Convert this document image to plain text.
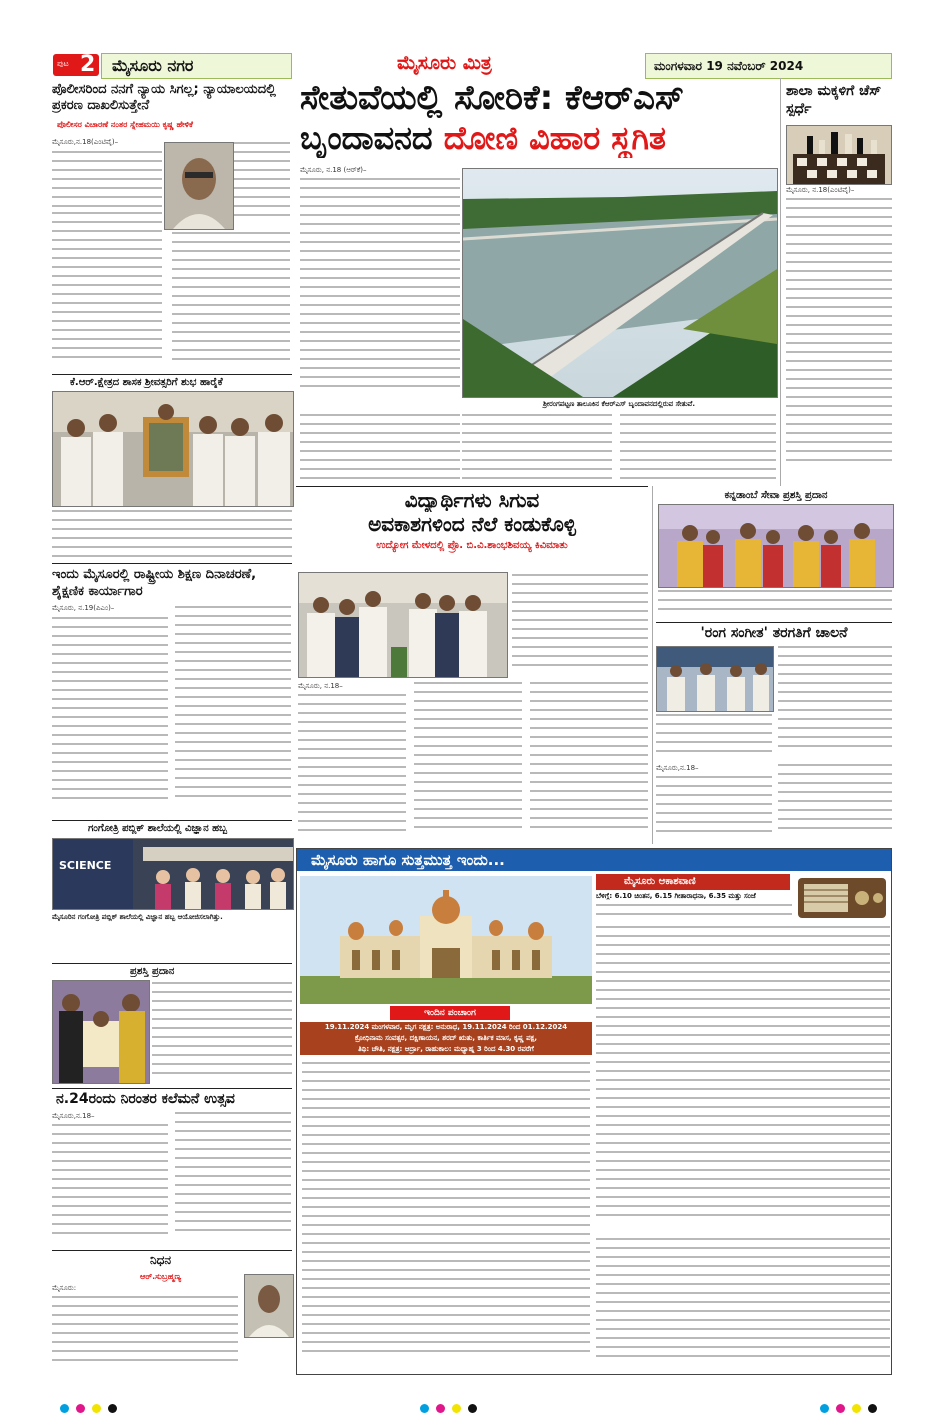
ಪುಟ 2 ಮೈಸೂರು ನಗರ	ಮೈಸೂರು ಮಿತ್ರ	ಮಂಗಳವಾರ 19 ನವೆಂಬರ್ 2024
ಪೊಲೀಸರಿಂದ ನನಗೆ ನ್ಯಾಯ ಸಿಗಲ್ಲ; ನ್ಯಾಯಾಲಯದಲ್ಲಿ ಪ್ರಕರಣ ದಾಖಲಿಸುತ್ತೇನೆ
ಪೊಲೀಸರ ವಿಚಾರಣೆ ನಂತರ ಸ್ನೇಹಮಯಿ ಕೃಷ್ಣ ಹೇಳಿಕೆ
ಮೈಸೂರು,ನ.18(ಎಂಟಿವೈ)–
ಕೆ.ಆರ್.ಕ್ಷೇತ್ರದ ಶಾಸಕ ಶ್ರೀವತ್ಸರಿಗೆ ಶುಭ ಹಾರೈಕೆ
ಇಂದು ಮೈಸೂರಲ್ಲಿ ರಾಷ್ಟ್ರೀಯ ಶಿಕ್ಷಣ ದಿನಾಚರಣೆ, ಶೈಕ್ಷಣಿಕ ಕಾರ್ಯಾಗಾರ
ಮೈಸೂರು, ನ.19(ಪಿಎಂ)–
ಗಂಗೋತ್ರಿ ಪಬ್ಲಿಕ್ ಶಾಲೆಯಲ್ಲಿ ವಿಜ್ಞಾನ ಹಬ್ಬ
SCIENCE
ಮೈಸೂರಿನ ಗಂಗೋತ್ರಿ ಪಬ್ಲಿಕ್ ಶಾಲೆಯಲ್ಲಿ ವಿಜ್ಞಾನ ಹಬ್ಬ ಆಯೋಜಿಸಲಾಗಿತ್ತು.
ಪ್ರಶಸ್ತಿ ಪ್ರದಾನ
ನ.24ರಂದು ನಿರಂತರ ಕಲೆಮನೆ ಉತ್ಸವ
ಮೈಸೂರು,ನ.18–
ನಿಧನ
ಆರ್.ಸುಬ್ರಹ್ಮಣ್ಯ
ಮೈಸೂರು:
ಸೇತುವೆಯಲ್ಲಿ ಸೋರಿಕೆ: ಕೆಆರ್‌ಎಸ್
ಬೃಂದಾವನದ ದೋಣಿ ವಿಹಾರ ಸ್ಥಗಿತ
ಮೈಸೂರು, ನ.18 (ಆರ್‌ಕೆ)–
ಶ್ರೀರಂಗಪಟ್ಟಣ ತಾಲೂಕಿನ ಕೆಆರ್‌ಎಸ್ ಬೃಂದಾವನದಲ್ಲಿರುವ ಸೇತುವೆ.
ಶಾಲಾ ಮಕ್ಕಳಿಗೆ ಚೆಸ್ ಸ್ಪರ್ಧೆ
ಮೈಸೂರು, ನ.18(ಎಂಟಿವೈ)–
ವಿದ್ಯಾರ್ಥಿಗಳು ಸಿಗುವ
ಅವಕಾಶಗಳಿಂದ ನೆಲೆ ಕಂಡುಕೊಳ್ಳಿ
ಉದ್ಯೋಗ ಮೇಳದಲ್ಲಿ ಪ್ರೊ. ಬಿ.ವಿ.ಶಾಂಭಶಿವಯ್ಯ ಕಿವಿಮಾತು
ಮೈಸೂರು, ನ.18–
ಕನ್ನಡಾಂಬೆ ಸೇವಾ ಪ್ರಶಸ್ತಿ ಪ್ರದಾನ
'ರಂಗ ಸಂಗೀತ' ತರಗತಿಗೆ ಚಾಲನೆ
ಮೈಸೂರು,ನ.18–
ಮೈಸೂರು ಹಾಗೂ ಸುತ್ತಮುತ್ತ ಇಂದು...
ಇಂದಿನ ಪಂಚಾಂಗ
19.11.2024 ಮಂಗಳವಾರ, ಮೃಗ ನಕ್ಷತ್ರ: ಅನುರಾಧ, 19.11.2024 ರಿಂದ 01.12.2024
ಕ್ರೋಧಿನಾಮ ಸಂವತ್ಸರ, ದಕ್ಷಿಣಾಯನ, ಶರದ್ ಋತು, ಕಾರ್ತಿಕ ಮಾಸ, ಕೃಷ್ಣ ಪಕ್ಷ,
ತಿಥಿ: ಚೌತಿ, ನಕ್ಷತ್ರ: ಆರ್ದ್ರಾ, ರಾಹುಕಾಲ: ಮಧ್ಯಾಹ್ನ 3 ರಿಂದ 4.30 ರವರೆಗೆ
ಮೈಸೂರು ಆಕಾಶವಾಣಿ
ಬೆಳಿಗ್ಗೆ: 6.10 ಚಿಂತನ, 6.15 ಗೀತಾರಾಧನಾ, 6.35 ಮತ್ತು ಸಂಜೆ
